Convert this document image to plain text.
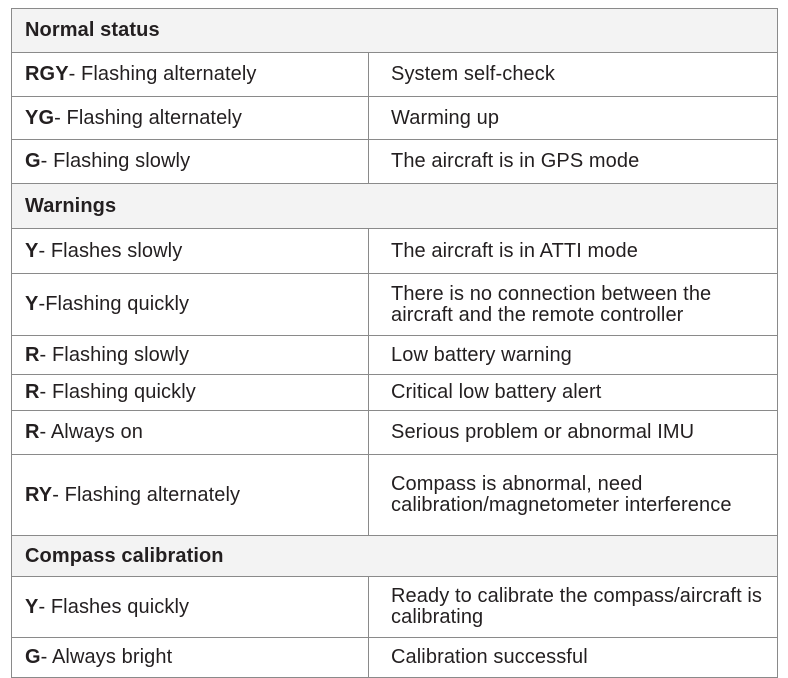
Normal status	
RGY- Flashing alternately	System self-check
YG- Flashing alternately	Warming up
G- Flashing slowly	The aircraft is in GPS mode
Warnings	
Y- Flashes slowly	The aircraft is in ATTI mode
Y-Flashing quickly	There is no connection between the aircraft and the remote controller
R- Flashing slowly	Low battery warning
R- Flashing quickly	Critical low battery alert
R- Always on	Serious problem or abnormal IMU
RY- Flashing alternately	Compass is abnormal, need calibration/magnetometer interference
Compass calibration	
Y- Flashes quickly	Ready to calibrate the compass/aircraft is calibrating
G- Always bright	Calibration successful
